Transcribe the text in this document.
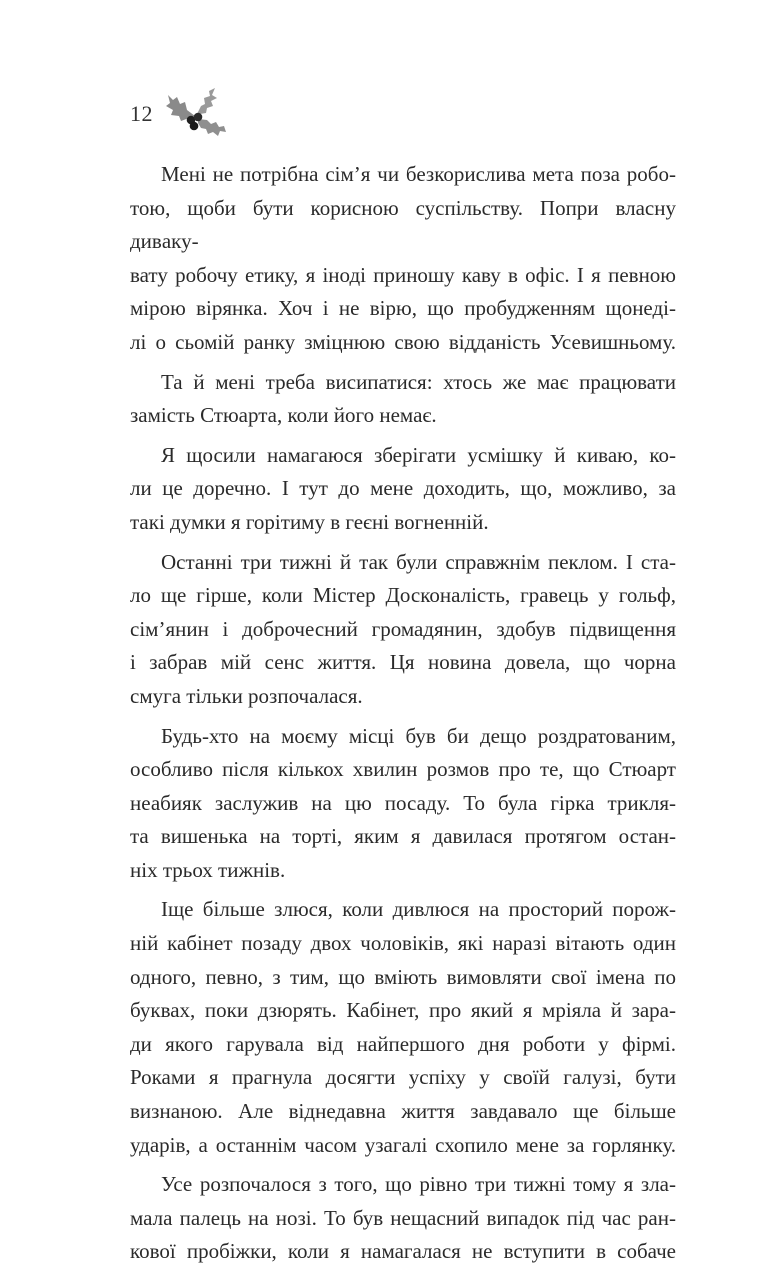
12

Мені не потрібна сім’я чи безкорислива мета поза робо-
тою, щоби бути корисною суспільству. Попри власну дивaку-
вату робочу етику, я іноді приношу каву в офіс. І я певною
мірою вірянка. Хоч і не вірю, що пробудженням щонеді-
лі о сьомій ранку зміцнюю свою відданість Усевишньому.

Та й мені треба висипатися: хтось же має працювати
замість Стюарта, коли його немає.

Я щосили намагаюся зберігати усмішку й киваю, ко-
ли це доречно. І тут до мене доходить, що, можливо, за
такі думки я горітиму в геєні вогненній.

Останні три тижні й так були справжнім пеклом. І ста-
ло ще гірше, коли Містер Досконалість, гравець у гольф,
сім’янин і доброчесний громадянин, здобув підвищення
і забрав мій сенс життя. Ця новина довела, що чорна
смуга тільки розпочалася.

Будь-хто на моєму місці був би дещо роздратованим,
особливо після кількох хвилин розмов про те, що Стюарт
неабияк заслужив на цю посаду. То була гірка трикля-
та вишенька на торті, яким я давилася протягом остан-
ніх трьох тижнів.

Іще більше злюся, коли дивлюся на просторий порож-
ній кабінет позаду двох чоловіків, які наразі вітають один
одного, певно, з тим, що вміють вимовляти свої імена по
буквах, поки дзюрять. Кабінет, про який я мріяла й зара-
ди якого гарувала від найпершого дня роботи у фірмі.
Роками я прагнула досягти успіху у своїй галузі, бути
визнаною. Але віднедавна життя завдавало ще більше
ударів, а останнім часом узагалі схопило мене за горлянку.

Усе розпочалося з того, що рівно три тижні тому я зла-
мала палець на нозі. То був нещасний випадок під час ран-
кової пробіжки, коли я намагалася не вступити в собаче
